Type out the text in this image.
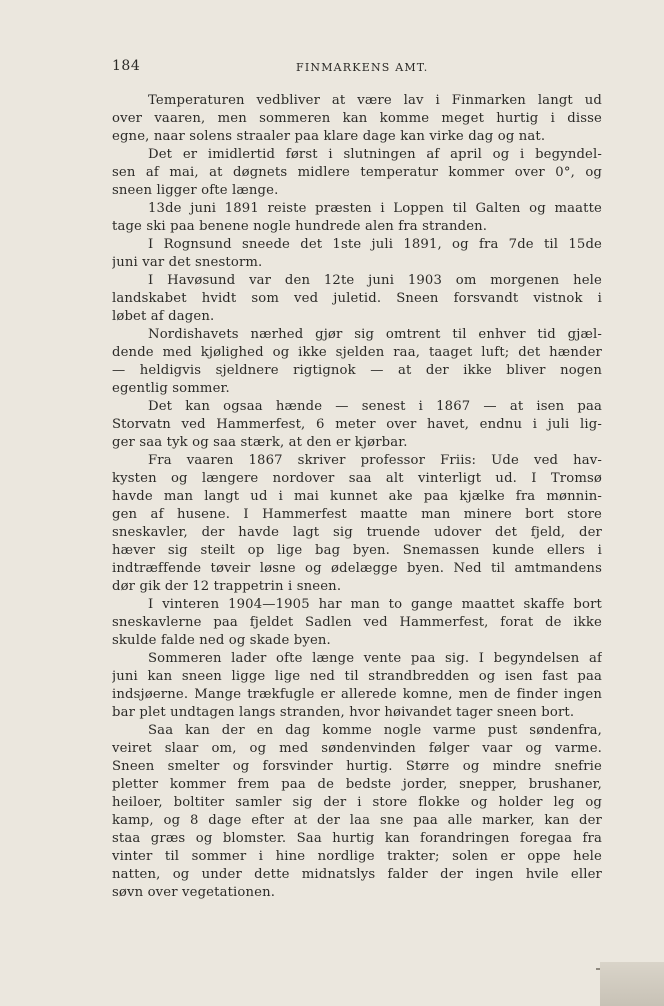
184	FINMARKENS AMT.
Temperaturen vedbliver at være lav i Finmarken langt ud
over vaaren, men sommeren kan komme meget hurtig i disse
egne, naar solens straaler paa klare dage kan virke dag og nat.
Det er imidlertid først i slutningen af april og i begyndel-
sen af mai, at døgnets midlere temperatur kommer over 0°, og
sneen ligger ofte længe.
13de juni 1891 reiste præsten i Loppen til Galten og maatte
tage ski paa benene nogle hundrede alen fra stranden.
I Rognsund sneede det 1ste juli 1891, og fra 7de til 15de
juni var det snestorm.
I Havøsund var den 12te juni 1903 om morgenen hele
landskabet hvidt som ved juletid. Sneen forsvandt vistnok i
løbet af dagen.
Nordishavets nærhed gjør sig omtrent til enhver tid gjæl-
dende med kjølighed og ikke sjelden raa, taaget luft; det hænder
— heldigvis sjeldnere rigtignok — at der ikke bliver nogen
egentlig sommer.
Det kan ogsaa hænde — senest i 1867 — at isen paa
Storvatn ved Hammerfest, 6 meter over havet, endnu i juli lig-
ger saa tyk og saa stærk, at den er kjørbar.
Fra vaaren 1867 skriver professor Friis: Ude ved hav-
kysten og længere nordover saa alt vinterligt ud. I Tromsø
havde man langt ud i mai kunnet ake paa kjælke fra mønnin-
gen af husene. I Hammerfest maatte man minere bort store
sneskavler, der havde lagt sig truende udover det fjeld, der
hæver sig steilt op lige bag byen. Snemassen kunde ellers i
indtræffende tøveir løsne og ødelægge byen. Ned til amtmandens
dør gik der 12 trappetrin i sneen.
I vinteren 1904—1905 har man to gange maattet skaffe bort
sneskavlerne paa fjeldet Sadlen ved Hammerfest, forat de ikke
skulde falde ned og skade byen.
Sommeren lader ofte længe vente paa sig. I begyndelsen af
juni kan sneen ligge lige ned til strandbredden og isen fast paa
indsjøerne. Mange trækfugle er allerede komne, men de finder ingen
bar plet undtagen langs stranden, hvor høivandet tager sneen bort.
Saa kan der en dag komme nogle varme pust søndenfra,
veiret slaar om, og med søndenvinden følger vaar og varme.
Sneen smelter og forsvinder hurtig. Større og mindre snefrie
pletter kommer frem paa de bedste jorder, snepper, brushaner,
heiloer, boltiter samler sig der i store flokke og holder leg og
kamp, og 8 dage efter at der laa sne paa alle marker, kan der
staa græs og blomster. Saa hurtig kan forandringen foregaa fra
vinter til sommer i hine nordlige trakter; solen er oppe hele
natten, og under dette midnatslys falder der ingen hvile eller
søvn over vegetationen.
